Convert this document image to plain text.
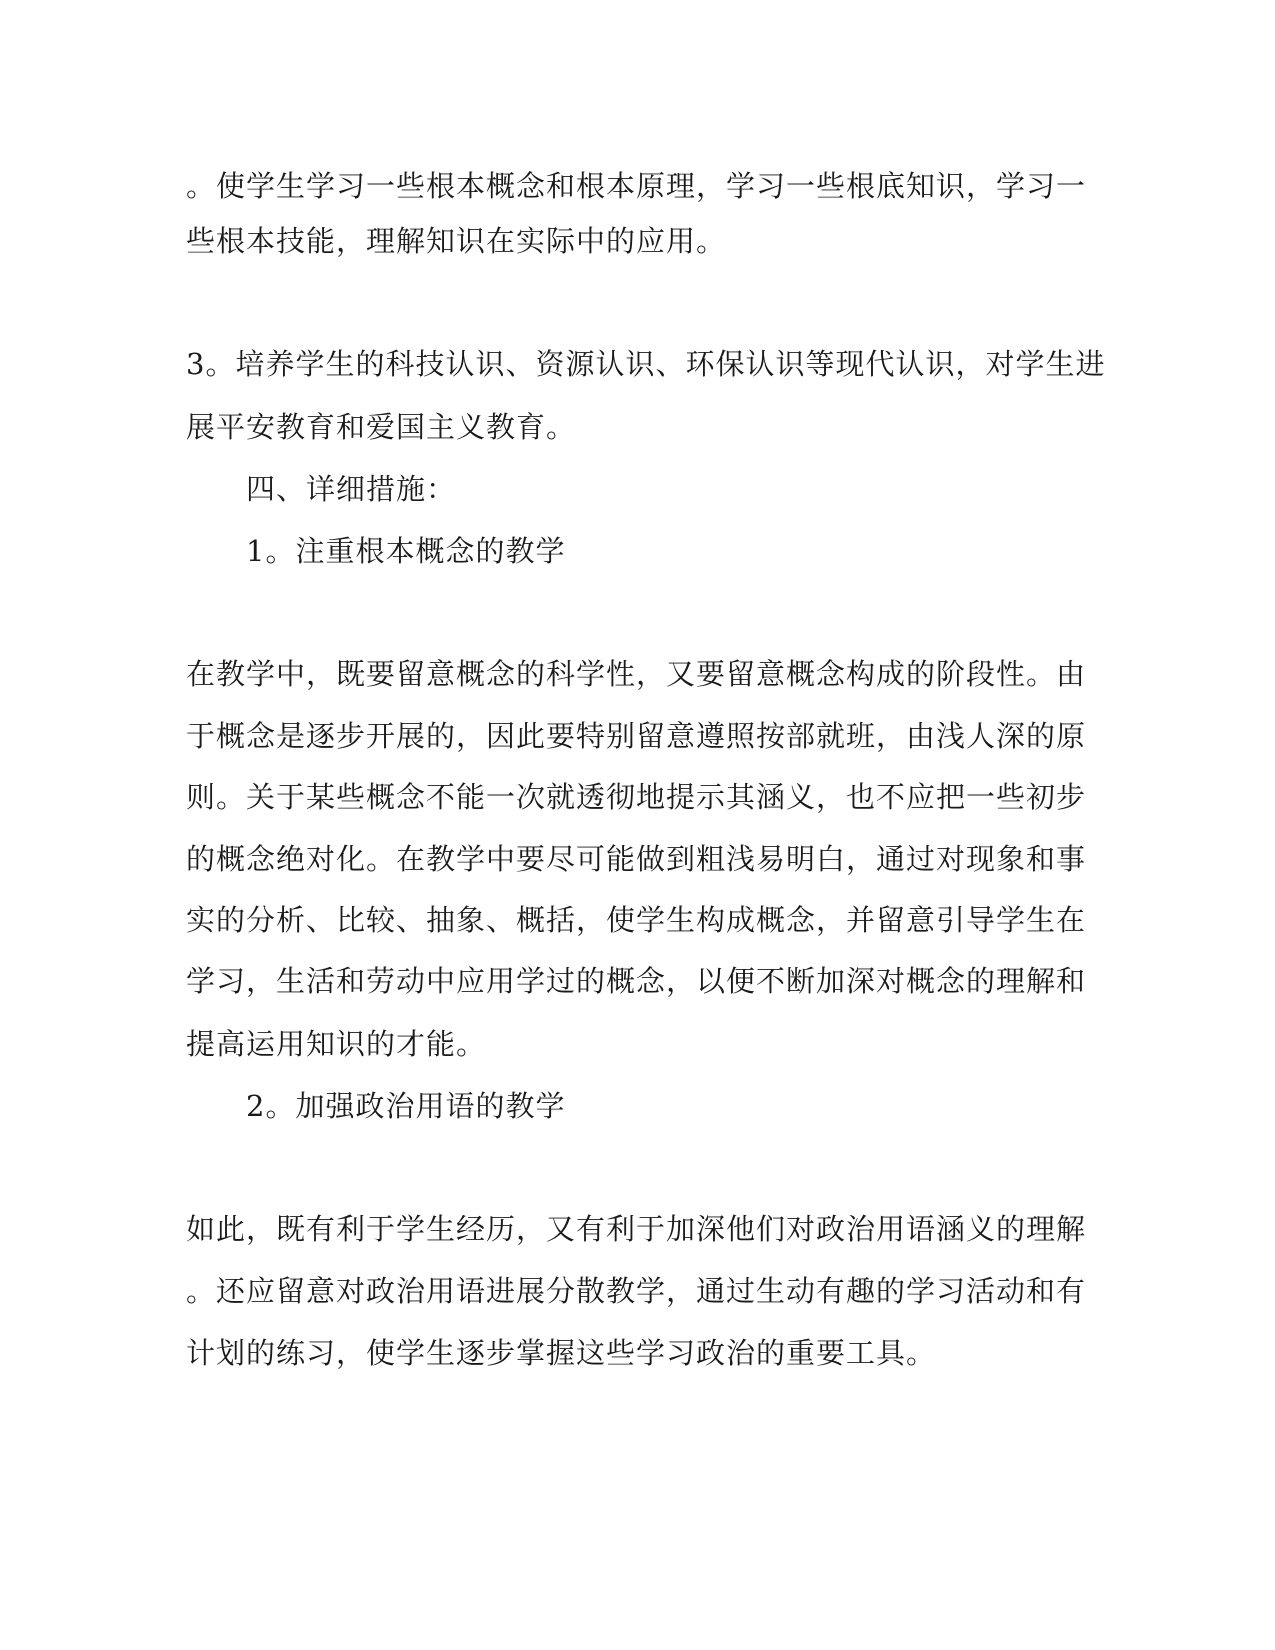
。使学生学习一些根本概念和根本原理，学习一些根底知识，学习一
些根本技能，理解知识在实际中的应用。
3。培养学生的科技认识、资源认识、环保认识等现代认识，对学生进
展平安教育和爱国主义教育。
四、详细措施：
1。注重根本概念的教学
在教学中，既要留意概念的科学性，又要留意概念构成的阶段性。由
于概念是逐步开展的，因此要特别留意遵照按部就班，由浅人深的原
则。关于某些概念不能一次就透彻地提示其涵义，也不应把一些初步
的概念绝对化。在教学中要尽可能做到粗浅易明白，通过对现象和事
实的分析、比较、抽象、概括，使学生构成概念，并留意引导学生在
学习，生活和劳动中应用学过的概念，以便不断加深对概念的理解和
提高运用知识的才能。
2。加强政治用语的教学
如此，既有利于学生经历，又有利于加深他们对政治用语涵义的理解
。还应留意对政治用语进展分散教学，通过生动有趣的学习活动和有
计划的练习，使学生逐步掌握这些学习政治的重要工具。
